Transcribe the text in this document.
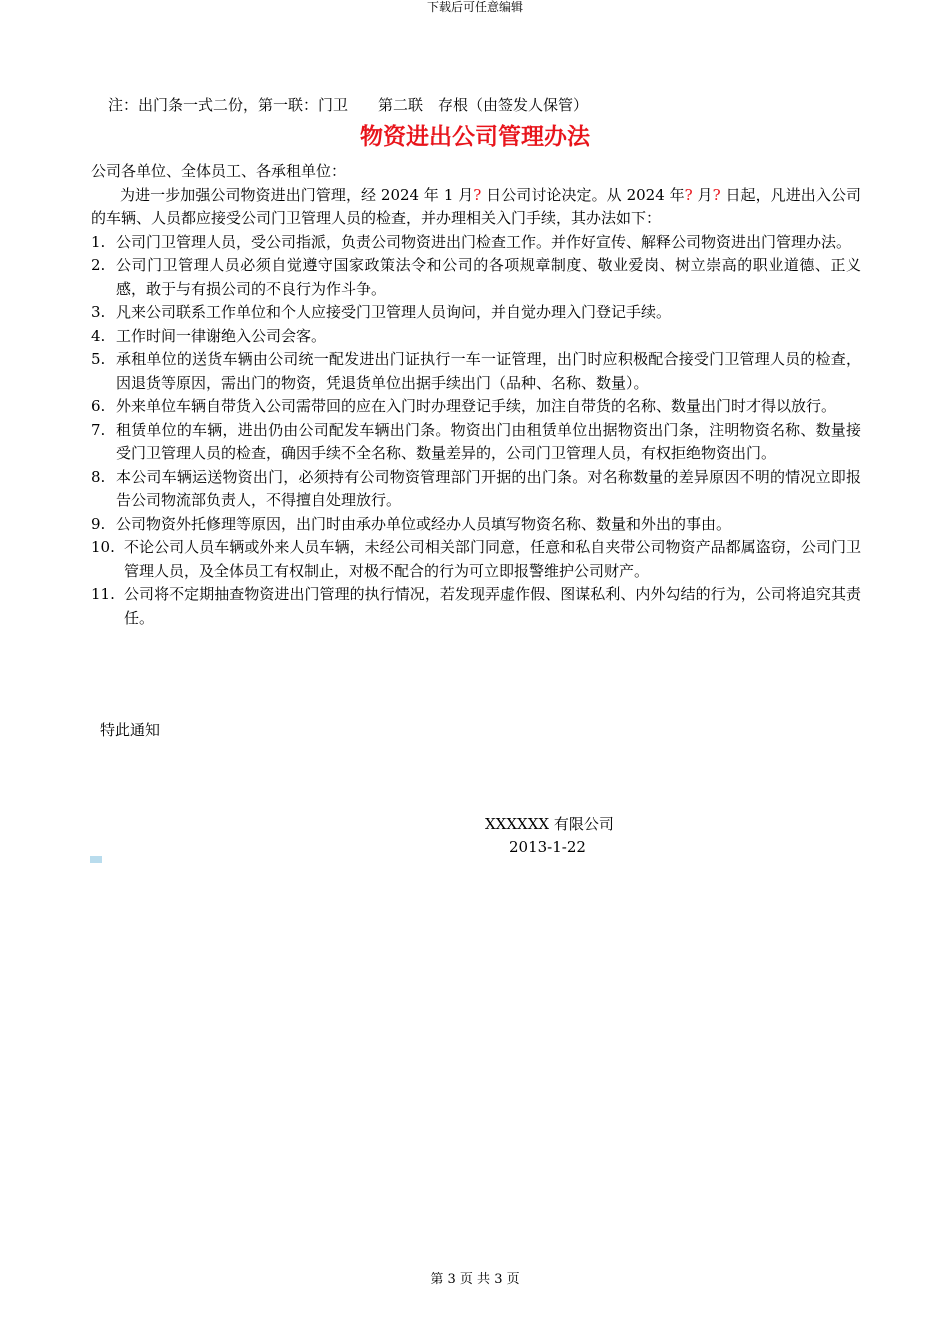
下载后可任意编辑
注：出门条一式二份，第一联：门卫　　第二联　存根（由签发人保管）
物资进出公司管理办法

公司各单位、全体员工、各承租单位：

为进一步加强公司物资进出门管理，经 2024 年 1 月? 日公司讨论决定。从 2024 年? 月? 日起，凡进出入公司的车辆、人员都应接受公司门卫管理人员的检查，并办理相关入门手续，其办法如下：

1. 公司门卫管理人员，受公司指派，负责公司物资进出门检查工作。并作好宣传、解释公司物资进出门管理办法。
2. 公司门卫管理人员必须自觉遵守国家政策法令和公司的各项规章制度、敬业爱岗、树立崇高的职业道德、正义感，敢于与有损公司的不良行为作斗争。
3. 凡来公司联系工作单位和个人应接受门卫管理人员询问，并自觉办理入门登记手续。
4. 工作时间一律谢绝入公司会客。
5. 承租单位的送货车辆由公司统一配发进出门证执行一车一证管理，出门时应积极配合接受门卫管理人员的检查，因退货等原因，需出门的物资，凭退货单位出据手续出门（品种、名称、数量）。
6. 外来单位车辆自带货入公司需带回的应在入门时办理登记手续，加注自带货的名称、数量出门时才得以放行。
7. 租赁单位的车辆，进出仍由公司配发车辆出门条。物资出门由租赁单位出据物资出门条，注明物资名称、数量接受门卫管理人员的检查，确因手续不全名称、数量差异的，公司门卫管理人员，有权拒绝物资出门。
8. 本公司车辆运送物资出门，必须持有公司物资管理部门开据的出门条。对名称数量的差异原因不明的情况立即报告公司物流部负责人，不得擅自处理放行。
9. 公司物资外托修理等原因，出门时由承办单位或经办人员填写物资名称、数量和外出的事由。
10. 不论公司人员车辆或外来人员车辆，未经公司相关部门同意，任意和私自夹带公司物资产品都属盗窃，公司门卫管理人员，及全体员工有权制止，对极不配合的行为可立即报警维护公司财产。
11. 公司将不定期抽查物资进出门管理的执行情况，若发现弄虚作假、图谋私利、内外勾结的行为，公司将追究其责任。
特此通知
XXXXXX 有限公司
2013-1-22
第 3 页 共 3 页
